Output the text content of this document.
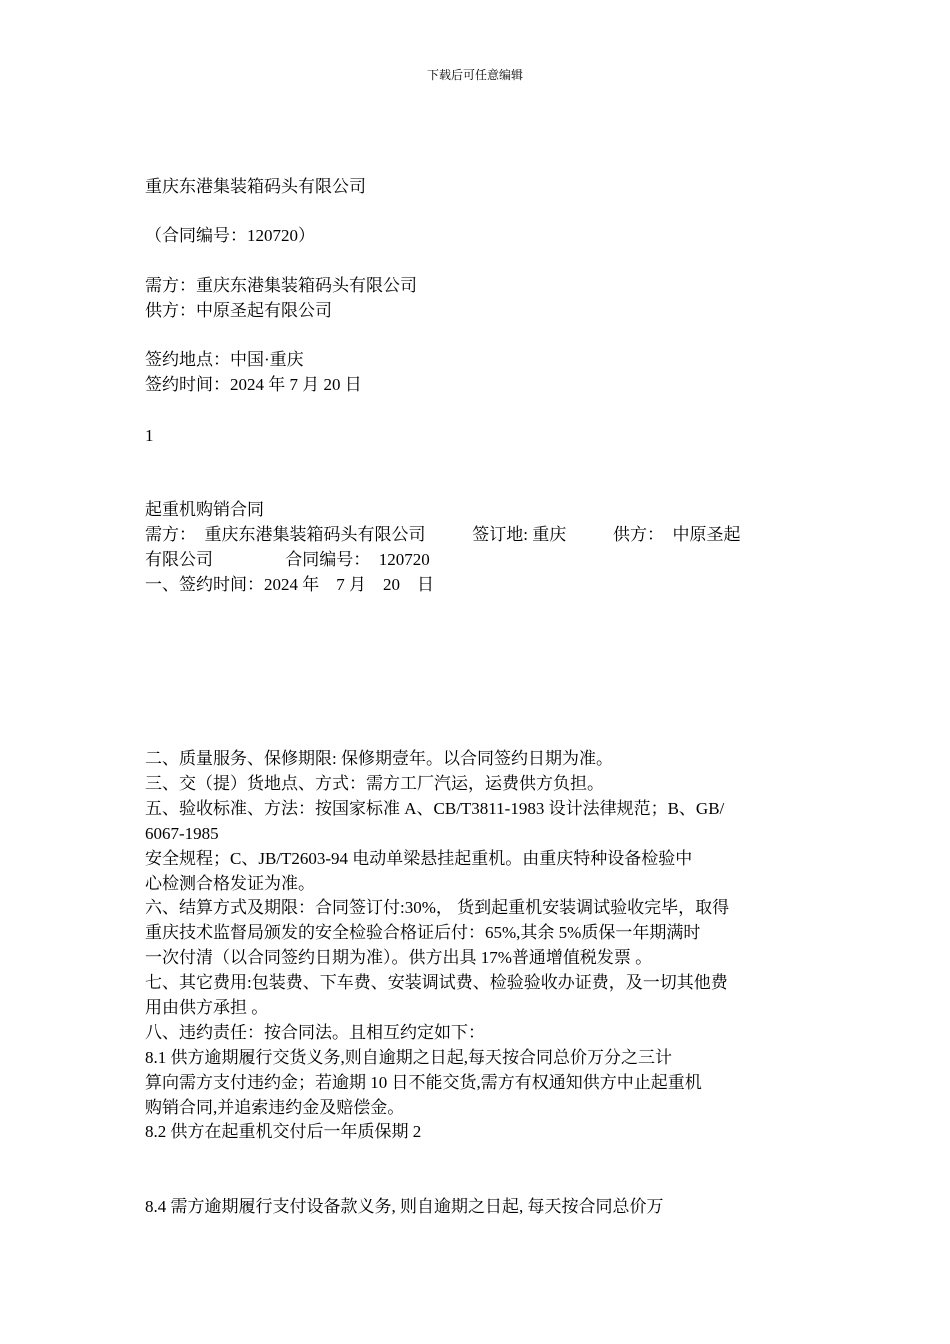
下载后可任意编辑
重庆东港集装箱码头有限公司
（合同编号：120720）
需方：重庆东港集装箱码头有限公司
供方：中原圣起有限公司
签约地点：中国·重庆
签约时间：2024 年 7 月 20 日
1
起重机购销合同
需方：  重庆东港集装箱码头有限公司           签订地: 重庆           供方：  中原圣起
有限公司                 合同编号：  120720
一、签约时间：2024 年    7 月    20    日
二、质量服务、保修期限: 保修期壹年。以合同签约日期为准。
三、交（提）货地点、方式：需方工厂汽运，运费供方负担。
五、验收标准、方法：按国家标准 A、CB/T3811-1983 设计法律规范；B、GB/
6067-1985
安全规程；C、JB/T2603-94 电动单梁悬挂起重机。由重庆特种设备检验中
心检测合格发证为准。
六、结算方式及期限：合同签订付:30%， 货到起重机安装调试验收完毕，取得
重庆技术监督局颁发的安全检验合格证后付：65%,其余 5%质保一年期满时
一次付清（以合同签约日期为准）。供方出具 17%普通增值税发票 。
七、其它费用:包装费、下车费、安装调试费、检验验收办证费，及一切其他费
用由供方承担 。
八、违约责任：按合同法。且相互约定如下：
8.1 供方逾期履行交货义务,则自逾期之日起,每天按合同总价万分之三计
算向需方支付违约金；若逾期 10 日不能交货,需方有权通知供方中止起重机
购销合同,并追索违约金及赔偿金。
8.2 供方在起重机交付后一年质保期 2
8.4 需方逾期履行支付设备款义务, 则自逾期之日起, 每天按合同总价万
